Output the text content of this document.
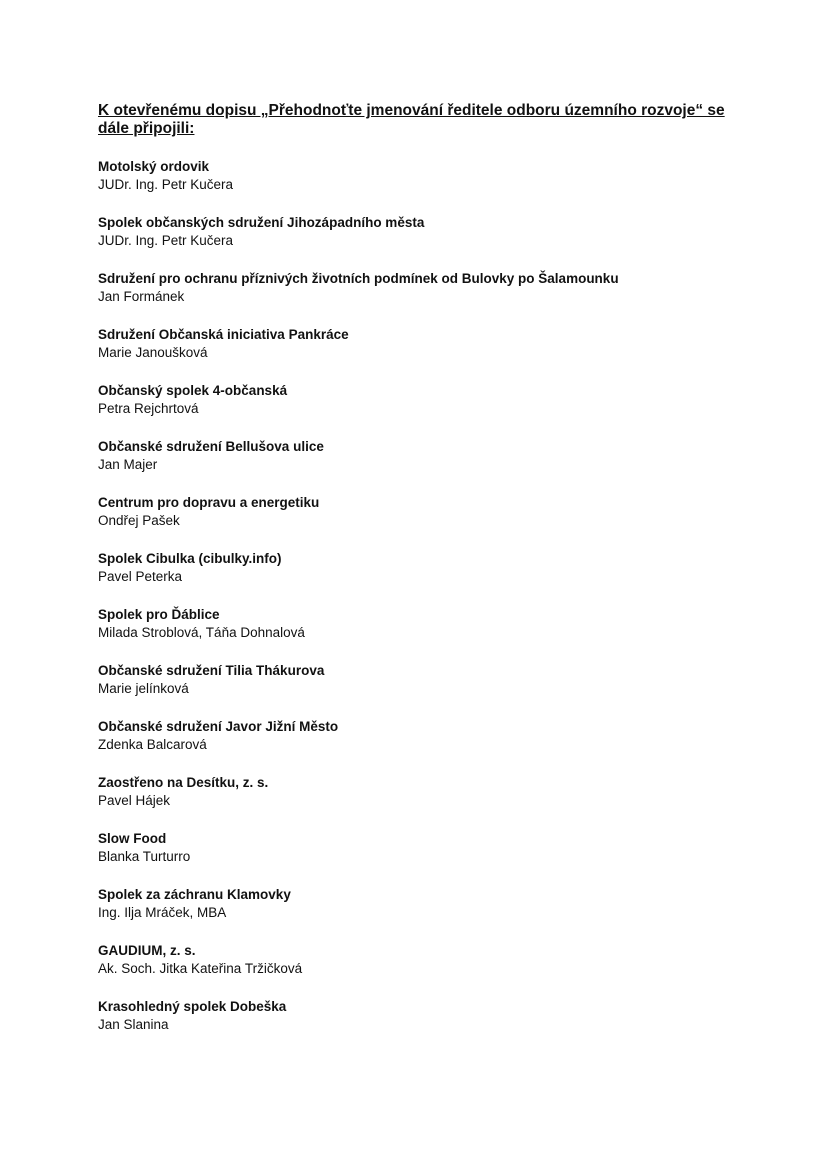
K otevřenému dopisu „Přehodnoťte jmenování ředitele odboru územního rozvoje“ se dále připojili:

Motolský ordovik

JUDr. Ing. Petr Kučera

Spolek občanských sdružení Jihozápadního města

JUDr. Ing. Petr Kučera

Sdružení pro ochranu příznivých životních podmínek od Bulovky po Šalamounku

Jan Formánek

Sdružení Občanská iniciativa Pankráce

Marie Janoušková

Občanský spolek 4-občanská

Petra Rejchrtová

Občanské sdružení Bellušova ulice

Jan Majer

Centrum pro dopravu a energetiku

Ondřej Pašek

Spolek Cibulka (cibulky.info)

Pavel Peterka

Spolek pro Ďáblice

Milada Stroblová, Táňa Dohnalová

Občanské sdružení Tilia Thákurova

Marie jelínková

Občanské sdružení Javor Jižní Město

Zdenka Balcarová

Zaostřeno na Desítku, z. s.

Pavel Hájek

Slow Food

Blanka Turturro

Spolek za záchranu Klamovky

Ing. Ilja Mráček, MBA

GAUDIUM, z. s.

Ak. Soch. Jitka Kateřina Tržičková

Krasohledný spolek Dobeška

Jan Slanina
